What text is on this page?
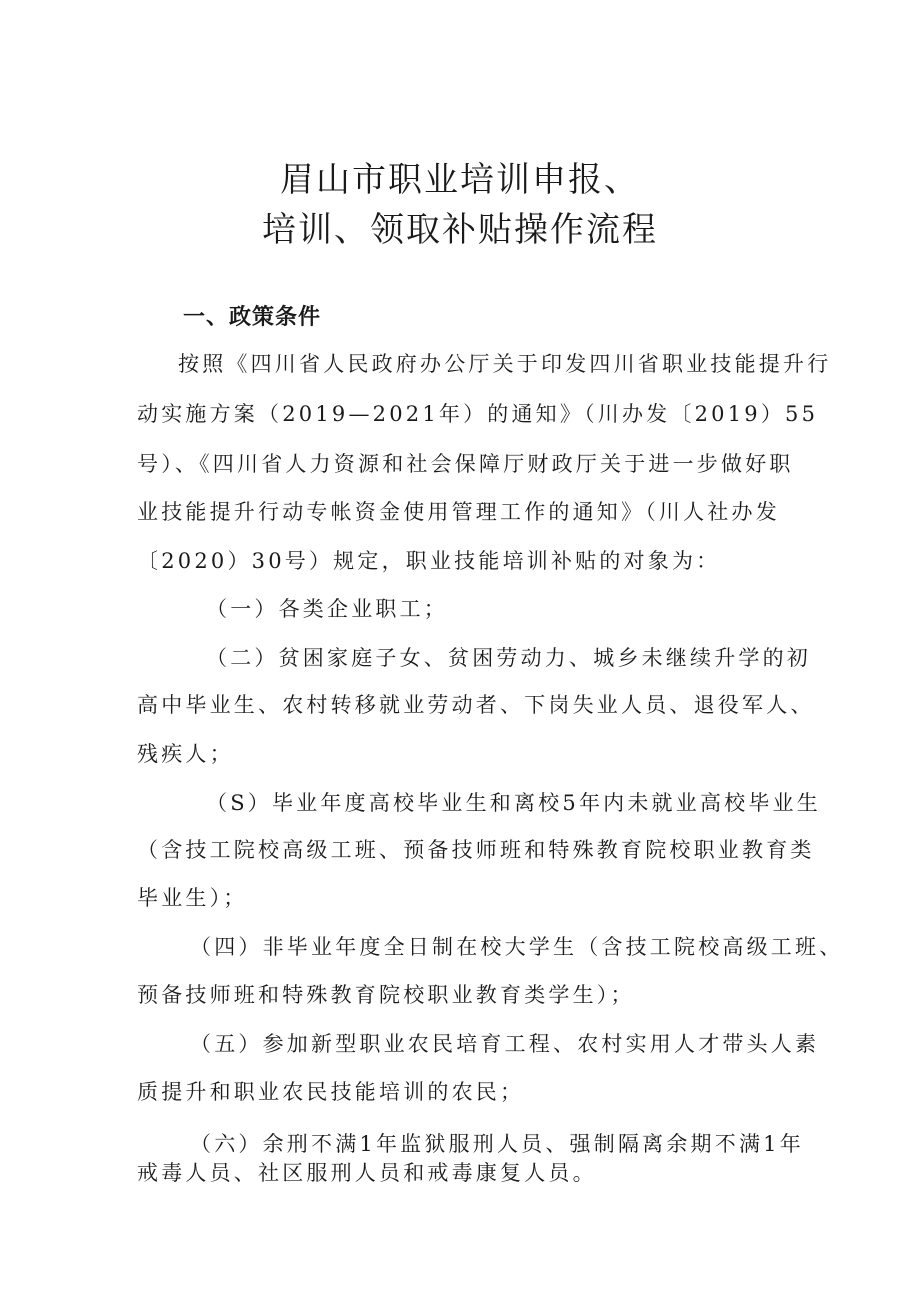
眉山市职业培训申报、
培训、领取补贴操作流程
一、政策条件
按照《四川省人民政府办公厅关于印发四川省职业技能提升行
动实施方案（2019—2021年）的通知》（川办发〔2019）55
号）、《四川省人力资源和社会保障厅财政厅关于进一步做好职
业技能提升行动专帐资金使用管理工作的通知》（川人社办发
〔2020）30号）规定，职业技能培训补贴的对象为：
（一）各类企业职工；
（二）贫困家庭子女、贫困劳动力、城乡未继续升学的初
高中毕业生、农村转移就业劳动者、下岗失业人员、退役军人、
残疾人；
（S）毕业年度高校毕业生和离校5年内未就业高校毕业生
（含技工院校高级工班、预备技师班和特殊教育院校职业教育类
毕业生）；
（四）非毕业年度全日制在校大学生（含技工院校高级工班、
预备技师班和特殊教育院校职业教育类学生）；
（五）参加新型职业农民培育工程、农村实用人才带头人素
质提升和职业农民技能培训的农民；
（六）余刑不满1年监狱服刑人员、强制隔离余期不满1年
戒毒人员、社区服刑人员和戒毒康复人员。
